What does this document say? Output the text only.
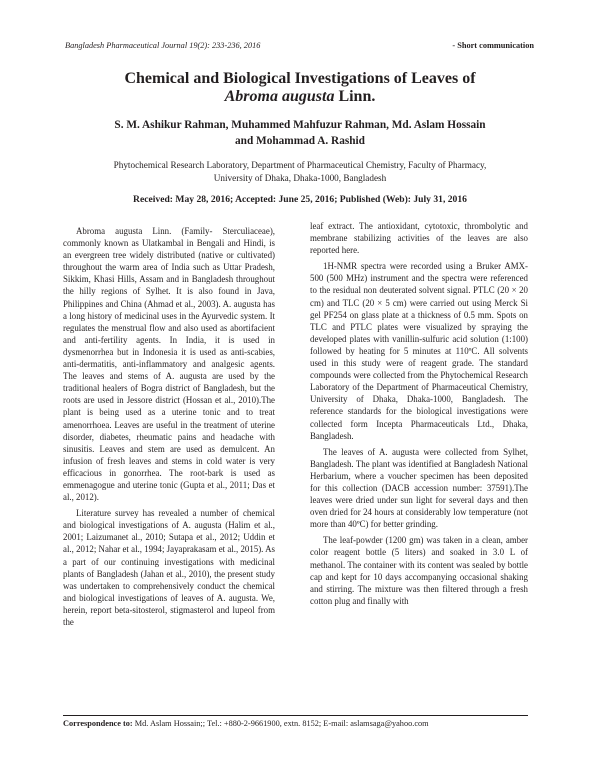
Bangladesh Pharmaceutical Journal 19(2): 233-236, 2016	- Short communication
Chemical and Biological Investigations of Leaves of
Abroma augusta Linn.
S. M. Ashikur Rahman, Muhammed Mahfuzur Rahman, Md. Aslam Hossain
and Mohammad A. Rashid
Phytochemical Research Laboratory, Department of Pharmaceutical Chemistry, Faculty of Pharmacy,
University of Dhaka, Dhaka-1000, Bangladesh
Received: May 28, 2016; Accepted: June 25, 2016; Published (Web): July 31, 2016

Abroma augusta Linn. (Family- Sterculiaceae), commonly known as Ulatkambal in Bengali and Hindi, is an evergreen tree widely distributed (native or cultivated) throughout the warm area of India such as Uttar Pradesh, Sikkim, Khasi Hills, Assam and in Bangladesh throughout the hilly regions of Sylhet. It is also found in Java, Philippines and China (Ahmad et al., 2003). A. augusta has a long history of medicinal uses in the Ayurvedic system. It regulates the menstrual flow and also used as abortifacient and anti-fertility agents. In India, it is used in dysmenorrhea but in Indonesia it is used as anti-scabies, anti-dermatitis, anti-inflammatory and analgesic agents. The leaves and stems of A. augusta are used by the traditional healers of Bogra district of Bangladesh, but the roots are used in Jessore district (Hossan et al., 2010).The plant is being used as a uterine tonic and to treat amenorrhoea. Leaves are useful in the treatment of uterine disorder, diabetes, rheumatic pains and headache with sinusitis. Leaves and stem are used as demulcent. An infusion of fresh leaves and stems in cold water is very efficacious in gonorrhea. The root-bark is used as emmenagogue and uterine tonic (Gupta et al., 2011; Das et al., 2012).

Literature survey has revealed a number of chemical and biological investigations of A. augusta (Halim et al., 2001; Laizumanet al., 2010; Sutapa et al., 2012; Uddin et al., 2012; Nahar et al., 1994; Jayaprakasam et al., 2015). As a part of our continuing investigations with medicinal plants of Bangladesh (Jahan et al., 2010), the present study was undertaken to comprehensively conduct the chemical and biological investigations of leaves of A. augusta. We, herein, report beta-sitosterol, stigmasterol and lupeol from the

leaf extract. The antioxidant, cytotoxic, thrombolytic and membrane stabilizing activities of the leaves are also reported here.

1H-NMR spectra were recorded using a Bruker AMX-500 (500 MHz) instrument and the spectra were referenced to the residual non deuterated solvent signal. PTLC (20 × 20 cm) and TLC (20 × 5 cm) were carried out using Merck Si gel PF254 on glass plate at a thickness of 0.5 mm. Spots on TLC and PTLC plates were visualized by spraying the developed plates with vanillin-sulfuric acid solution (1:100) followed by heating for 5 minutes at 110ºC. All solvents used in this study were of reagent grade. The standard compounds were collected from the Phytochemical Research Laboratory of the Department of Pharmaceutical Chemistry, University of Dhaka, Dhaka-1000, Bangladesh. The reference standards for the biological investigations were collected form Incepta Pharmaceuticals Ltd., Dhaka, Bangladesh.

The leaves of A. augusta were collected from Sylhet, Bangladesh. The plant was identified at Bangladesh National Herbarium, where a voucher specimen has been deposited for this collection (DACB accession number: 37591).The leaves were dried under sun light for several days and then oven dried for 24 hours at considerably low temperature (not more than 40ºC) for better grinding.

The leaf-powder (1200 gm) was taken in a clean, amber color reagent bottle (5 liters) and soaked in 3.0 L of methanol. The container with its content was sealed by bottle cap and kept for 10 days accompanying occasional shaking and stirring. The mixture was then filtered through a fresh cotton plug and finally with

Correspondence to: Md. Aslam Hossain;; Tel.: +880-2-9661900, extn. 8152; E-mail: aslamsaga@yahoo.com
